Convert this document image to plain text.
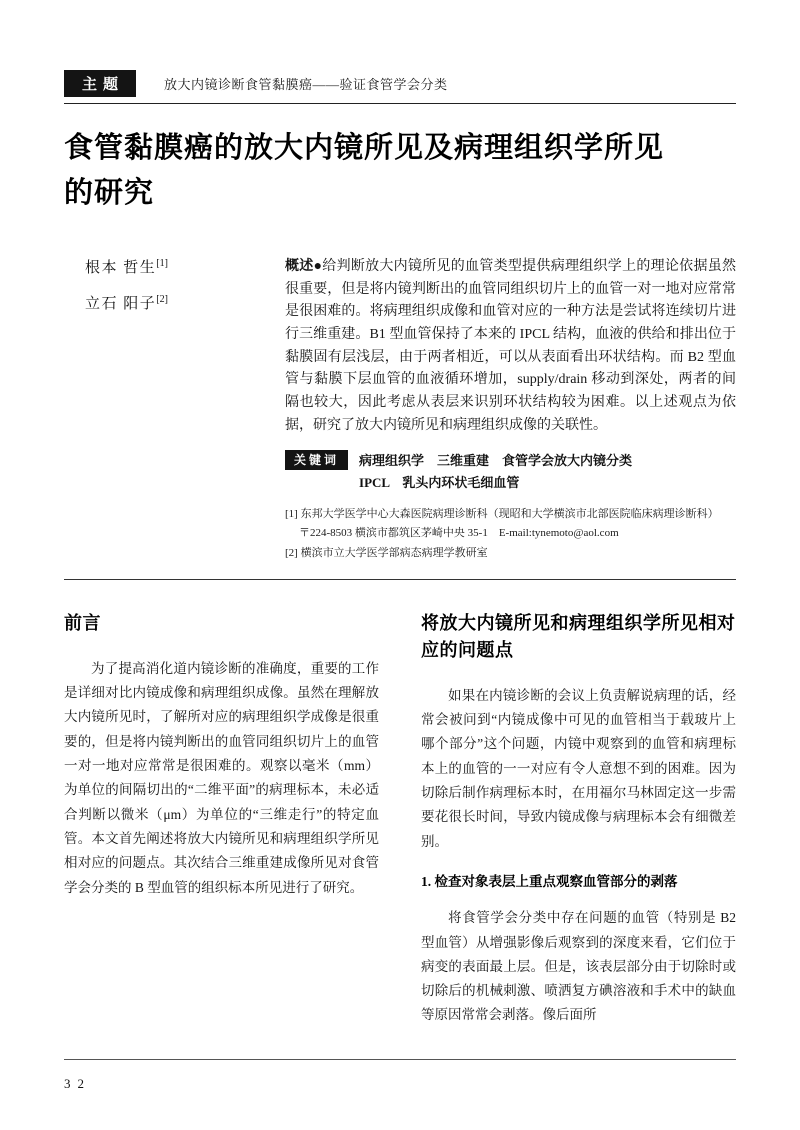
主题	放大内镜诊断食管黏膜癌——验证食管学会分类
食管黏膜癌的放大内镜所见及病理组织学所见的研究
根本 哲生[1]
立石 阳子[2]

概述●给判断放大内镜所见的血管类型提供病理组织学上的理论依据虽然很重要，但是将内镜判断出的血管同组织切片上的血管一对一地对应常常是很困难的。将病理组织成像和血管对应的一种方法是尝试将连续切片进行三维重建。B1 型血管保持了本来的 IPCL 结构，血液的供给和排出位于黏膜固有层浅层，由于两者相近，可以从表面看出环状结构。而 B2 型血管与黏膜下层血管的血液循环增加，supply/drain 移动到深处，两者的间隔也较大，因此考虑从表层来识别环状结构较为困难。以上述观点为依据，研究了放大内镜所见和病理组织成像的关联性。

关键词	病理组织学　三维重建　食管学会放大内镜分类
IPCL　乳头内环状毛细血管
[1] 东邦大学医学中心大森医院病理诊断科（现昭和大学横滨市北部医院临床病理诊断科）
〒224-8503 横滨市都筑区茅崎中央 35-1　E-mail:tynemoto@aol.com
[2] 横滨市立大学医学部病态病理学教研室
前言

为了提高消化道内镜诊断的准确度，重要的工作是详细对比内镜成像和病理组织成像。虽然在理解放大内镜所见时，了解所对应的病理组织学成像是很重要的，但是将内镜判断出的血管同组织切片上的血管一对一地对应常常是很困难的。观察以毫米（mm）为单位的间隔切出的“二维平面”的病理标本，未必适合判断以微米（μm）为单位的“三维走行”的特定血管。本文首先阐述将放大内镜所见和病理组织学所见相对应的问题点。其次结合三维重建成像所见对食管学会分类的 B 型血管的组织标本所见进行了研究。

将放大内镜所见和病理组织学所见相对应的问题点

如果在内镜诊断的会议上负责解说病理的话，经常会被问到“内镜成像中可见的血管相当于载玻片上哪个部分”这个问题，内镜中观察到的血管和病理标本上的血管的一一对应有令人意想不到的困难。因为切除后制作病理标本时，在用福尔马林固定这一步需要花很长时间，导致内镜成像与病理标本会有细微差别。

1. 检查对象表层上重点观察血管部分的剥落

将食管学会分类中存在问题的血管（特别是 B2 型血管）从增强影像后观察到的深度来看，它们位于病变的表面最上层。但是，该表层部分由于切除时或切除后的机械刺激、喷洒复方碘溶液和手术中的缺血等原因常常会剥落。像后面所

32
